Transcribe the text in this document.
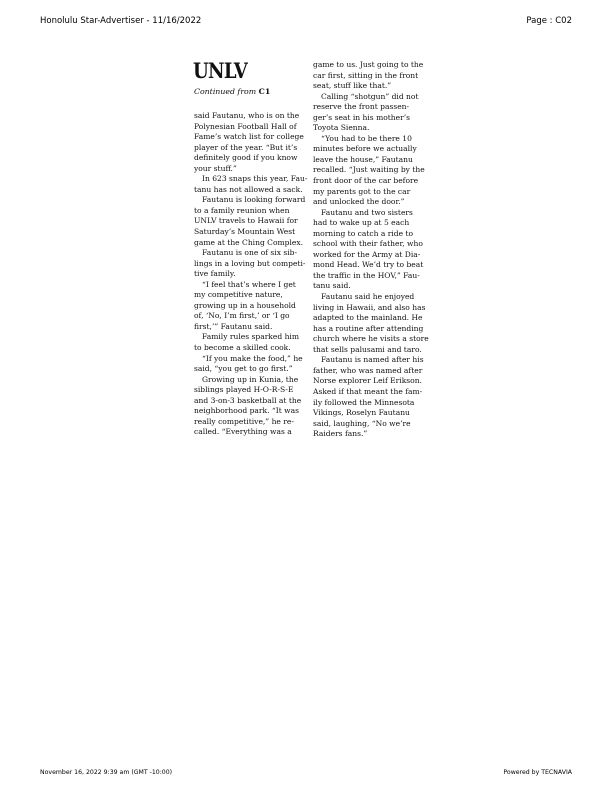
Honolulu Star-Advertiser - 11/16/2022	Page : C02
UNLV
Continued from C1
said Fautanu, who is on the
Polynesian Football Hall of
Fame’s watch list for college
player of the year. “But it’s
definitely good if you know
your stuff.”
In 623 snaps this year, Fau-
tanu has not allowed a sack.
Fautanu is looking forward
to a family reunion when
UNLV travels to Hawaii for
Saturday’s Mountain West
game at the Ching Complex.
Fautanu is one of six sib-
lings in a loving but competi-
tive family.
“I feel that’s where I get
my competitive nature,
growing up in a household
of, ‘No, I’m first,’ or ‘I go
first,’” Fautanu said.
Family rules sparked him
to become a skilled cook.
“If you make the food,” he
said, “you get to go first.”
Growing up in Kunia, the
siblings played H-O-R-S-E
and 3-on-3 basketball at the
neighborhood park. “It was
really competitive,” he re-
called. “Everything was a
game to us. Just going to the
car first, sitting in the front
seat, stuff like that.”
Calling “shotgun” did not
reserve the front passen-
ger’s seat in his mother’s
Toyota Sienna.
“You had to be there 10
minutes before we actually
leave the house,” Fautanu
recalled. “Just waiting by the
front door of the car before
my parents got to the car
and unlocked the door.”
Fautanu and two sisters
had to wake up at 5 each
morning to catch a ride to
school with their father, who
worked for the Army at Dia-
mond Head. We’d try to beat
the traffic in the HOV,” Fau-
tanu said.
Fautanu said he enjoyed
living in Hawaii, and also has
adapted to the mainland. He
has a routine after attending
church where he visits a store
that sells palusami and taro.
Fautanu is named after his
father, who was named after
Norse explorer Leif Erikson.
Asked if that meant the fam-
ily followed the Minnesota
Vikings, Roselyn Fautanu
said, laughing, “No we’re
Raiders fans.”
November 16, 2022 9:39 am (GMT -10:00)	Powered by TECNAVIA
